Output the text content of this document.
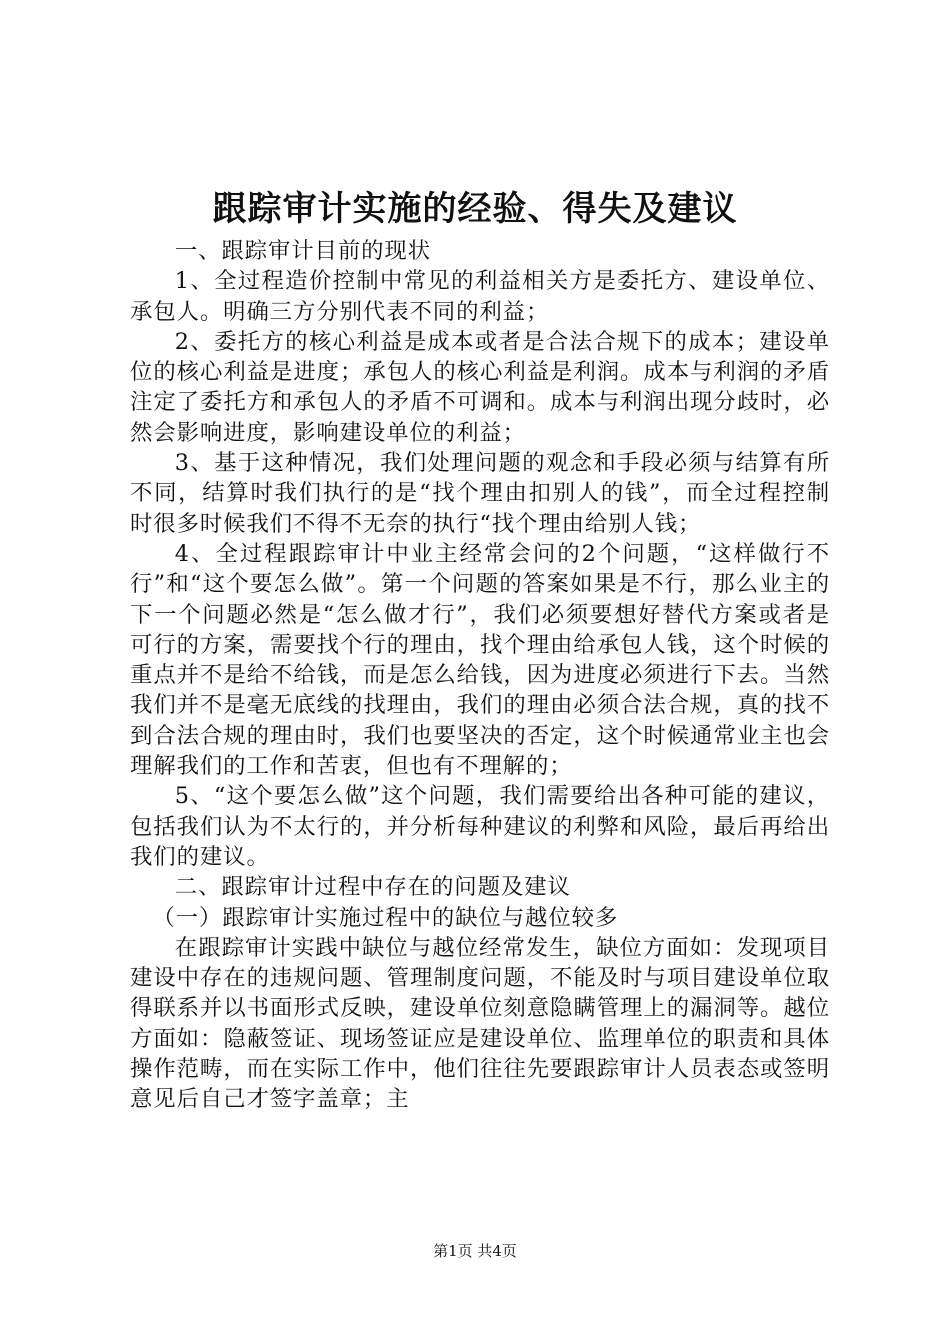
跟踪审计实施的经验、得失及建议

一、跟踪审计目前的现状

1、全过程造价控制中常见的利益相关方是委托方、建设单位、承包人。明确三方分别代表不同的利益；

2、委托方的核心利益是成本或者是合法合规下的成本；建设单位的核心利益是进度；承包人的核心利益是利润。成本与利润的矛盾注定了委托方和承包人的矛盾不可调和。成本与利润出现分歧时，必然会影响进度，影响建设单位的利益；

3、基于这种情况，我们处理问题的观念和手段必须与结算有所不同，结算时我们执行的是“找个理由扣别人的钱”，而全过程控制时很多时候我们不得不无奈的执行“找个理由给别人钱；

4、全过程跟踪审计中业主经常会问的2个问题，“这样做行不行”和“这个要怎么做”。第一个问题的答案如果是不行，那么业主的下一个问题必然是“怎么做才行”，我们必须要想好替代方案或者是可行的方案，需要找个行的理由，找个理由给承包人钱，这个时候的重点并不是给不给钱，而是怎么给钱，因为进度必须进行下去。当然我们并不是毫无底线的找理由，我们的理由必须合法合规，真的找不到合法合规的理由时，我们也要坚决的否定，这个时候通常业主也会理解我们的工作和苦衷，但也有不理解的；

5、“这个要怎么做”这个问题，我们需要给出各种可能的建议，包括我们认为不太行的，并分析每种建议的利弊和风险，最后再给出我们的建议。

二、跟踪审计过程中存在的问题及建议

（一）跟踪审计实施过程中的缺位与越位较多

在跟踪审计实践中缺位与越位经常发生，缺位方面如：发现项目建设中存在的违规问题、管理制度问题，不能及时与项目建设单位取得联系并以书面形式反映，建设单位刻意隐瞒管理上的漏洞等。越位方面如：隐蔽签证、现场签证应是建设单位、监理单位的职责和具体操作范畴，而在实际工作中，他们往往先要跟踪审计人员表态或签明意见后自己才签字盖章；主

第1页 共4页
